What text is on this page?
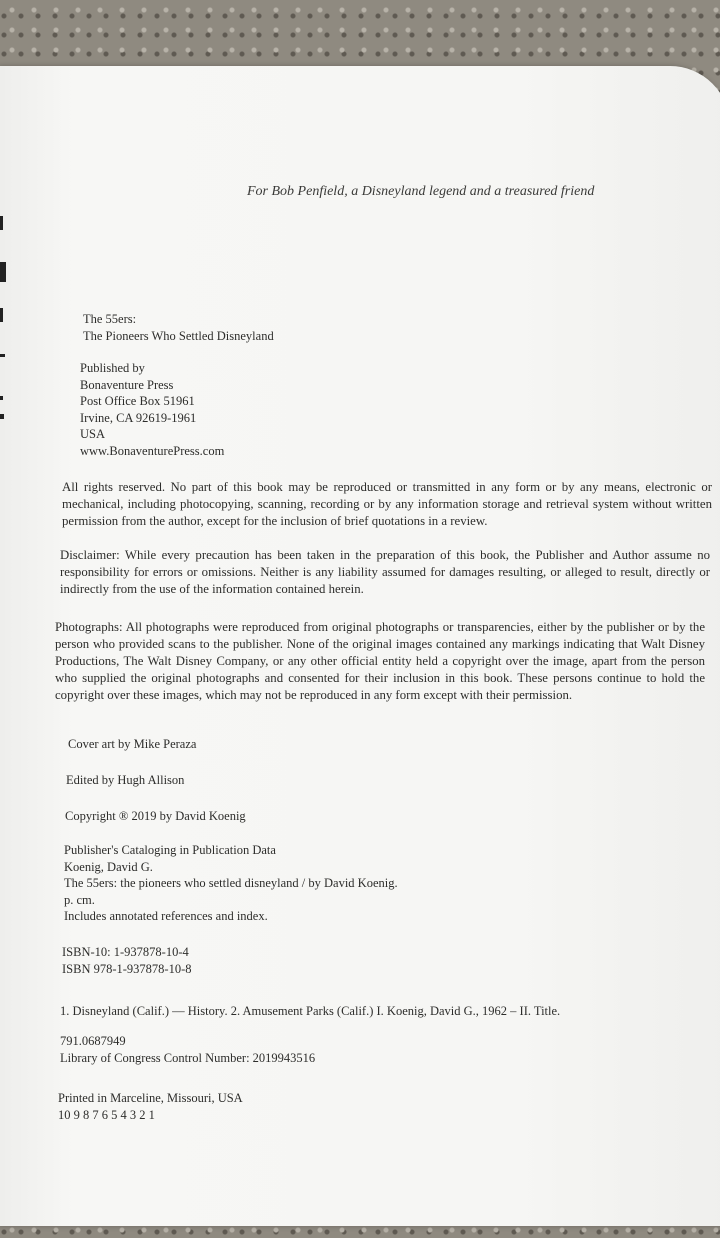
For Bob Penfield, a Disneyland legend and a treasured friend
The 55ers:
The Pioneers Who Settled Disneyland
Published by
Bonaventure Press
Post Office Box 51961
Irvine, CA 92619-1961
USA
www.BonaventurePress.com
All rights reserved. No part of this book may be reproduced or transmitted in any form or by any means, electronic or mechanical, including photocopying, scanning, recording or by any information storage and retrieval system without written permission from the author, except for the inclusion of brief quotations in a review.
Disclaimer: While every precaution has been taken in the preparation of this book, the Publisher and Author assume no responsibility for errors or omissions. Neither is any liability assumed for damages resulting, or alleged to result, directly or indirectly from the use of the information contained herein.
Photographs: All photographs were reproduced from original photographs or transparencies, either by the publisher or by the person who provided scans to the publisher. None of the original images contained any markings indicating that Walt Disney Productions, The Walt Disney Company, or any other official entity held a copyright over the image, apart from the person who supplied the original photographs and consented for their inclusion in this book. These persons continue to hold the copyright over these images, which may not be reproduced in any form except with their permission.
Cover art by Mike Peraza
Edited by Hugh Allison
Copyright ® 2019 by David Koenig
Publisher's Cataloging in Publication Data
Koenig, David G.
The 55ers: the pioneers who settled disneyland / by David Koenig.
p. cm.
Includes annotated references and index.
ISBN-10: 1-937878-10-4
ISBN 978-1-937878-10-8
1. Disneyland (Calif.) — History. 2. Amusement Parks (Calif.) I. Koenig, David G., 1962 – II. Title.
791.0687949
Library of Congress Control Number: 2019943516
Printed in Marceline, Missouri, USA
10 9 8 7 6 5 4 3 2 1
